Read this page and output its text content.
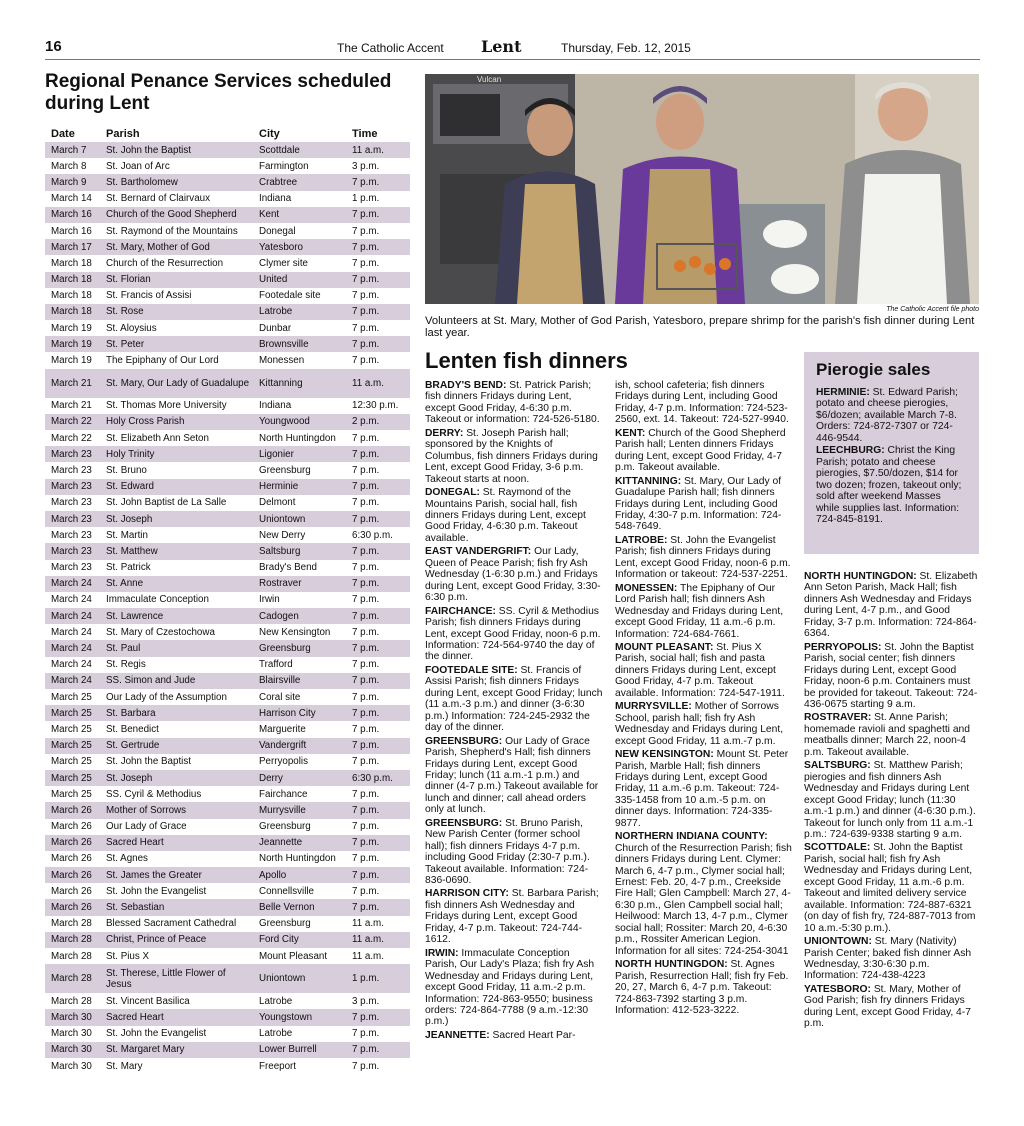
16	The Catholic Accent Lent	Thursday, Feb. 12, 2015
Regional Penance Services scheduled during Lent
Date	Parish	City	Time
March 7	St. John the Baptist	Scottdale	11 a.m.
March 8	St. Joan of Arc	Farmington	3 p.m.
March 9	St. Bartholomew	Crabtree	7 p.m.
March 14	St. Bernard of Clairvaux	Indiana	1 p.m.
March 16	Church of the Good Shepherd	Kent	7 p.m.
March 16	St. Raymond of the Mountains	Donegal	7 p.m.
March 17	St. Mary, Mother of God	Yatesboro	7 p.m.
March 18	Church of the Resurrection	Clymer site	7 p.m.
March 18	St. Florian	United	7 p.m.
March 18	St. Francis of Assisi	Footedale site	7 p.m.
March 18	St. Rose	Latrobe	7 p.m.
March 19	St. Aloysius	Dunbar	7 p.m.
March 19	St. Peter	Brownsville	7 p.m.
March 19	The Epiphany of Our Lord	Monessen	7 p.m.
March 21	St. Mary, Our Lady of Guadalupe	Kittanning	11 a.m.
March 21	St. Thomas More University	Indiana	12:30 p.m.
March 22	Holy Cross Parish	Youngwood	2 p.m.
March 22	St. Elizabeth Ann Seton	North Huntingdon	7 p.m.
March 23	Holy Trinity	Ligonier	7 p.m.
March 23	St. Bruno	Greensburg	7 p.m.
March 23	St. Edward	Herminie	7 p.m.
March 23	St. John Baptist de La Salle	Delmont	7 p.m.
March 23	St. Joseph	Uniontown	7 p.m.
March 23	St. Martin	New Derry	6:30 p.m.
March 23	St. Matthew	Saltsburg	7 p.m.
March 23	St. Patrick	Brady's Bend	7 p.m.
March 24	St. Anne	Rostraver	7 p.m.
March 24	Immaculate Conception	Irwin	7 p.m.
March 24	St. Lawrence	Cadogen	7 p.m.
March 24	St. Mary of Czestochowa	New Kensington	7 p.m.
March 24	St. Paul	Greensburg	7 p.m.
March 24	St. Regis	Trafford	7 p.m.
March 24	SS. Simon and Jude	Blairsville	7 p.m.
March 25	Our Lady of the Assumption	Coral site	7 p.m.
March 25	St. Barbara	Harrison City	7 p.m.
March 25	St. Benedict	Marguerite	7 p.m.
March 25	St. Gertrude	Vandergrift	7 p.m.
March 25	St. John the Baptist	Perryopolis	7 p.m.
March 25	St. Joseph	Derry	6:30 p.m.
March 25	SS. Cyril & Methodius	Fairchance	7 p.m.
March 26	Mother of Sorrows	Murrysville	7 p.m.
March 26	Our Lady of Grace	Greensburg	7 p.m.
March 26	Sacred Heart	Jeannette	7 p.m.
March 26	St. Agnes	North Huntingdon	7 p.m.
March 26	St. James the Greater	Apollo	7 p.m.
March 26	St. John the Evangelist	Connellsville	7 p.m.
March 26	St. Sebastian	Belle Vernon	7 p.m.
March 28	Blessed Sacrament Cathedral	Greensburg	11 a.m.
March 28	Christ, Prince of Peace	Ford City	11 a.m.
March 28	St. Pius X	Mount Pleasant	11 a.m.
March 28	St. Therese, Little Flower of Jesus	Uniontown	1 p.m.
March 28	St. Vincent Basilica	Latrobe	3 p.m.
March 30	Sacred Heart	Youngstown	7 p.m.
March 30	St. John the Evangelist	Latrobe	7 p.m.
March 30	St. Margaret Mary	Lower Burrell	7 p.m.
March 30	St. Mary	Freeport	7 p.m.
Vulcan
The Catholic Accent file photo
Volunteers at St. Mary, Mother of God Parish, Yatesboro, prepare shrimp for the parish's fish dinner during Lent last year.
Lenten fish dinners

BRADY'S BEND: St. Patrick Parish; fish dinners Fridays during Lent, except Good Friday, 4-6:30 p.m. Takeout or information: 724-526-5180.

DERRY: St. Joseph Parish hall; sponsored by the Knights of Columbus, fish dinners Fridays during Lent, except Good Friday, 3-6 p.m. Takeout starts at noon.

DONEGAL: St. Raymond of the Mountains Parish, social hall, fish dinners Fridays during Lent, except Good Friday, 4-6:30 p.m. Takeout available.

EAST VANDERGRIFT: Our Lady, Queen of Peace Parish; fish fry Ash Wednesday (1-6:30 p.m.) and Fridays during Lent, except Good Friday, 3:30-6:30 p.m.

FAIRCHANCE: SS. Cyril & Methodius Parish; fish dinners Fridays during Lent, except Good Friday, noon-6 p.m. Information: 724-564-9740 the day of the dinner.

FOOTEDALE SITE: St. Francis of Assisi Parish; fish dinners Fridays during Lent, except Good Friday; lunch (11 a.m.-3 p.m.) and dinner (3-6:30 p.m.) Information: 724-245-2932 the day of the dinner.

GREENSBURG: Our Lady of Grace Parish, Shepherd's Hall; fish dinners Fridays during Lent, except Good Friday; lunch (11 a.m.-1 p.m.) and dinner (4-7 p.m.) Takeout available for lunch and dinner; call ahead orders only at lunch.

GREENSBURG: St. Bruno Parish, New Parish Center (former school hall); fish dinners Fridays 4-7 p.m. including Good Friday (2:30-7 p.m.). Takeout available. Information: 724-836-0690.

HARRISON CITY: St. Barbara Parish; fish dinners Ash Wednesday and Fridays during Lent, except Good Friday, 4-7 p.m. Takeout: 724-744-1612.

IRWIN: Immaculate Conception Parish, Our Lady's Plaza; fish fry Ash Wednesday and Fridays during Lent, except Good Friday, 11 a.m.-2 p.m. Information: 724-863-9550; business orders: 724-864-7788 (9 a.m.-12:30 p.m.)

JEANNETTE: Sacred Heart Par-

ish, school cafeteria; fish dinners Fridays during Lent, including Good Friday, 4-7 p.m. Information: 724-523-2560, ext. 14. Takeout: 724-527-9940.

KENT: Church of the Good Shepherd Parish hall; Lenten dinners Fridays during Lent, except Good Friday, 4-7 p.m. Takeout available.

KITTANNING: St. Mary, Our Lady of Guadalupe Parish hall; fish dinners Fridays during Lent, including Good Friday, 4:30-7 p.m. Information: 724-548-7649.

LATROBE: St. John the Evangelist Parish; fish dinners Fridays during Lent, except Good Friday, noon-6 p.m. Information or takeout: 724-537-2251.

MONESSEN: The Epiphany of Our Lord Parish hall; fish dinners Ash Wednesday and Fridays during Lent, except Good Friday, 11 a.m.-6 p.m. Information: 724-684-7661.

MOUNT PLEASANT: St. Pius X Parish, social hall; fish and pasta dinners Fridays during Lent, except Good Friday, 4-7 p.m. Takeout available. Information: 724-547-1911.

MURRYSVILLE: Mother of Sorrows School, parish hall; fish fry Ash Wednesday and Fridays during Lent, except Good Friday, 11 a.m.-7 p.m.

NEW KENSINGTON: Mount St. Peter Parish, Marble Hall; fish dinners Fridays during Lent, except Good Friday, 11 a.m.-6 p.m. Takeout: 724-335-1458 from 10 a.m.-5 p.m. on dinner days. Information: 724-335-9877.

NORTHERN INDIANA COUNTY: Church of the Resurrection Parish; fish dinners Fridays during Lent. Clymer: March 6, 4-7 p.m., Clymer social hall; Ernest: Feb. 20, 4-7 p.m., Creekside Fire Hall; Glen Campbell: March 27, 4-6:30 p.m., Glen Campbell social hall; Heilwood: March 13, 4-7 p.m., Clymer social hall; Rossiter: March 20, 4-6:30 p.m., Rossiter American Legion. Information for all sites: 724-254-3041

NORTH HUNTINGDON: St. Agnes Parish, Resurrection Hall; fish fry Feb. 20, 27, March 6, 4-7 p.m. Takeout: 724-863-7392 starting 3 p.m. Information: 412-523-3222.

NORTH HUNTINGDON: St. Elizabeth Ann Seton Parish, Mack Hall; fish dinners Ash Wednesday and Fridays during Lent, 4-7 p.m., and Good Friday, 3-7 p.m. Information: 724-864-6364.

PERRYOPOLIS: St. John the Baptist Parish, social center; fish dinners Fridays during Lent, except Good Friday, noon-6 p.m. Containers must be provided for takeout. Takeout: 724-436-0675 starting 9 a.m.

ROSTRAVER: St. Anne Parish; homemade ravioli and spaghetti and meatballs dinner; March 22, noon-4 p.m. Takeout available.

SALTSBURG: St. Matthew Parish; pierogies and fish dinners Ash Wednesday and Fridays during Lent except Good Friday; lunch (11:30 a.m.-1 p.m.) and dinner (4-6:30 p.m.). Takeout for lunch only from 11 a.m.-1 p.m.: 724-639-9338 starting 9 a.m.

SCOTTDALE: St. John the Baptist Parish, social hall; fish fry Ash Wednesday and Fridays during Lent, except Good Friday, 11 a.m.-6 p.m. Takeout and limited delivery service available. Information: 724-887-6321 (on day of fish fry, 724-887-7013 from 10 a.m.-5:30 p.m.).

UNIONTOWN: St. Mary (Nativity) Parish Center; baked fish dinner Ash Wednesday, 3:30-6:30 p.m. Information: 724-438-4223

YATESBORO: St. Mary, Mother of God Parish; fish fry dinners Fridays during Lent, except Good Friday, 4-7 p.m.

Pierogie sales

HERMINIE: St. Edward Parish; potato and cheese pierogies, $6/dozen; available March 7-8. Orders: 724-872-7307 or 724-446-9544.

LEECHBURG: Christ the King Parish; potato and cheese pierogies, $7.50/dozen, $14 for two dozen; frozen, takeout only; sold after weekend Masses while supplies last. Information: 724-845-8191.
